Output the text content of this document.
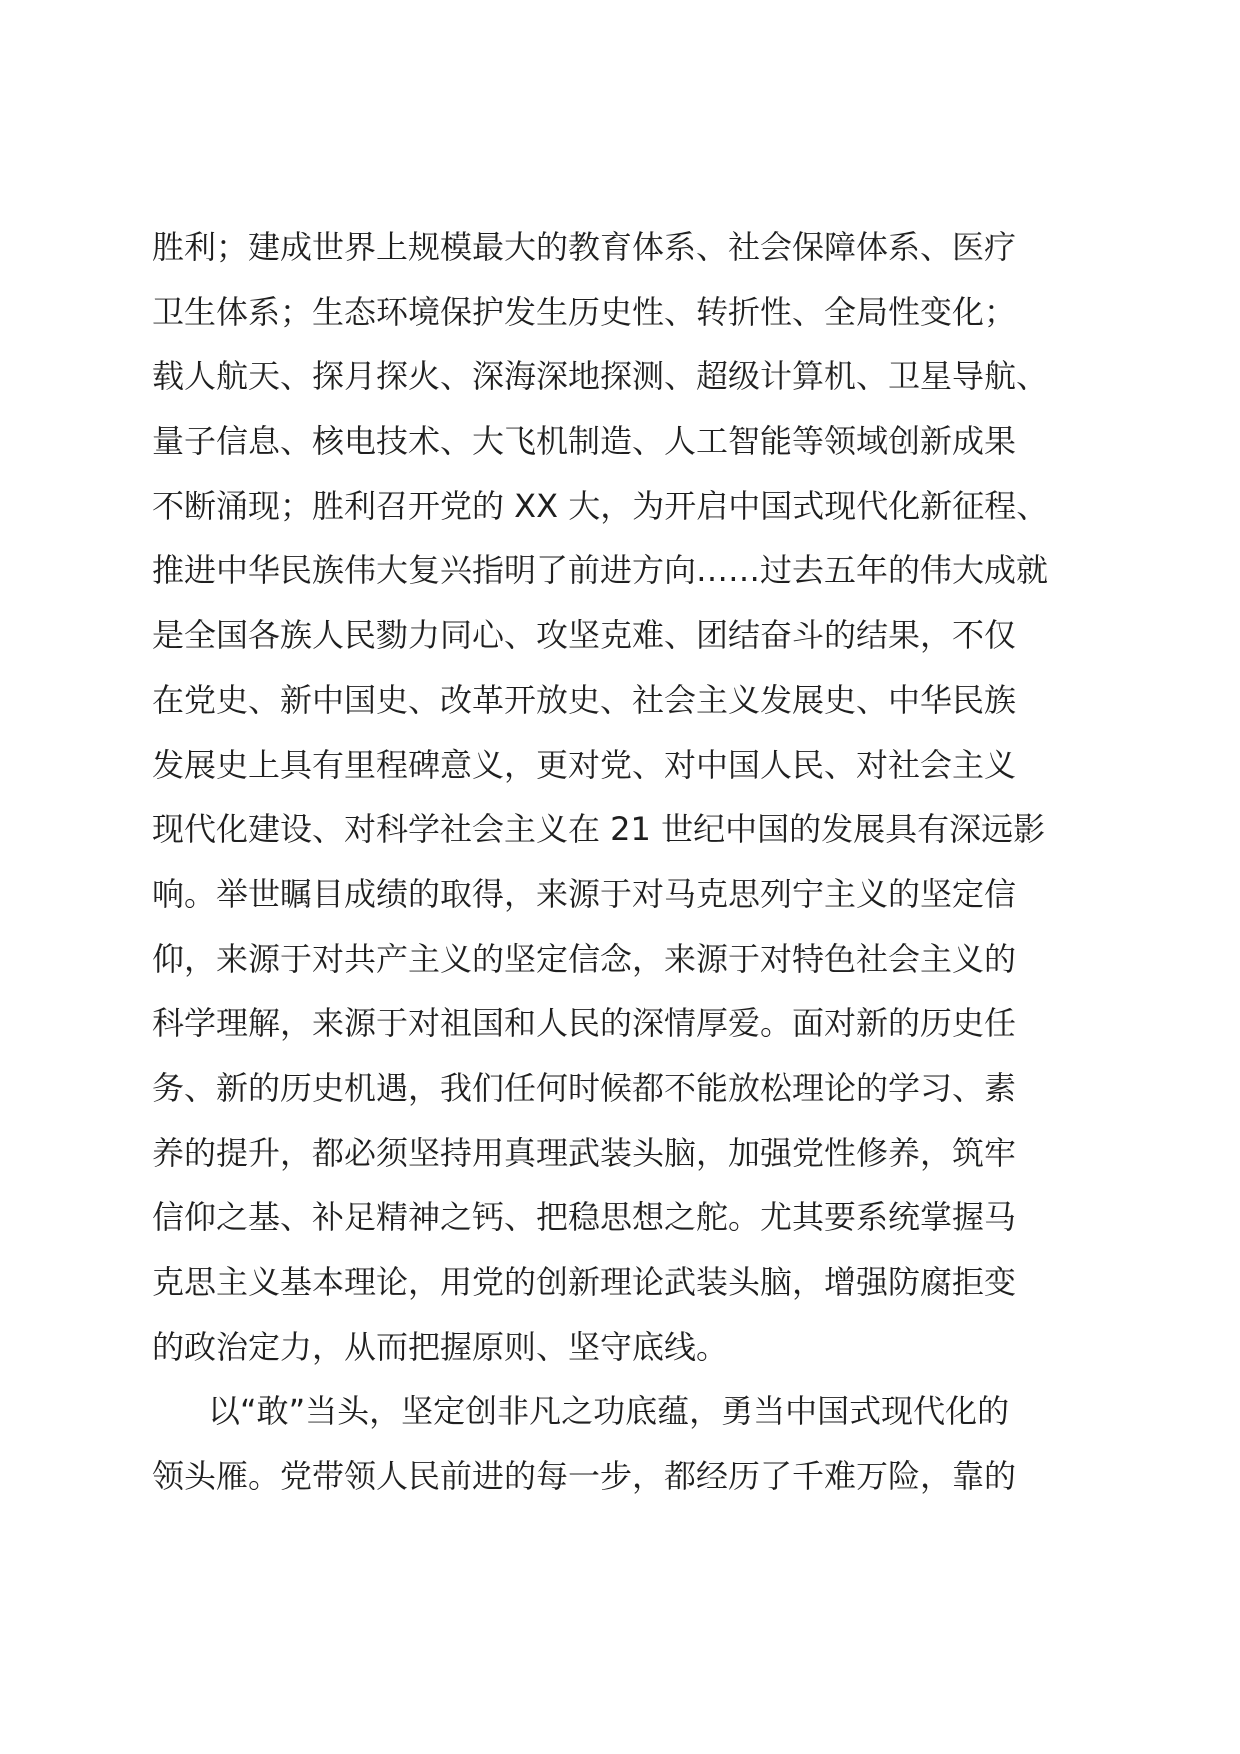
胜利；建成世界上规模最大的教育体系、社会保障体系、医疗
卫生体系；生态环境保护发生历史性、转折性、全局性变化；
载人航天、探月探火、深海深地探测、超级计算机、卫星导航、
量子信息、核电技术、大飞机制造、人工智能等领域创新成果
不断涌现；胜利召开党的 XX 大，为开启中国式现代化新征程、
推进中华民族伟大复兴指明了前进方向……过去五年的伟大成就
是全国各族人民勠力同心、攻坚克难、团结奋斗的结果，不仅
在党史、新中国史、改革开放史、社会主义发展史、中华民族
发展史上具有里程碑意义，更对党、对中国人民、对社会主义
现代化建设、对科学社会主义在 21 世纪中国的发展具有深远影
响。举世瞩目成绩的取得，来源于对马克思列宁主义的坚定信
仰，来源于对共产主义的坚定信念，来源于对特色社会主义的
科学理解，来源于对祖国和人民的深情厚爱。面对新的历史任
务、新的历史机遇，我们任何时候都不能放松理论的学习、素
养的提升，都必须坚持用真理武装头脑，加强党性修养，筑牢
信仰之基、补足精神之钙、把稳思想之舵。尤其要系统掌握马
克思主义基本理论，用党的创新理论武装头脑，增强防腐拒变
的政治定力，从而把握原则、坚守底线。
以“敢”当头，坚定创非凡之功底蕴，勇当中国式现代化的
领头雁。党带领人民前进的每一步，都经历了千难万险，靠的
